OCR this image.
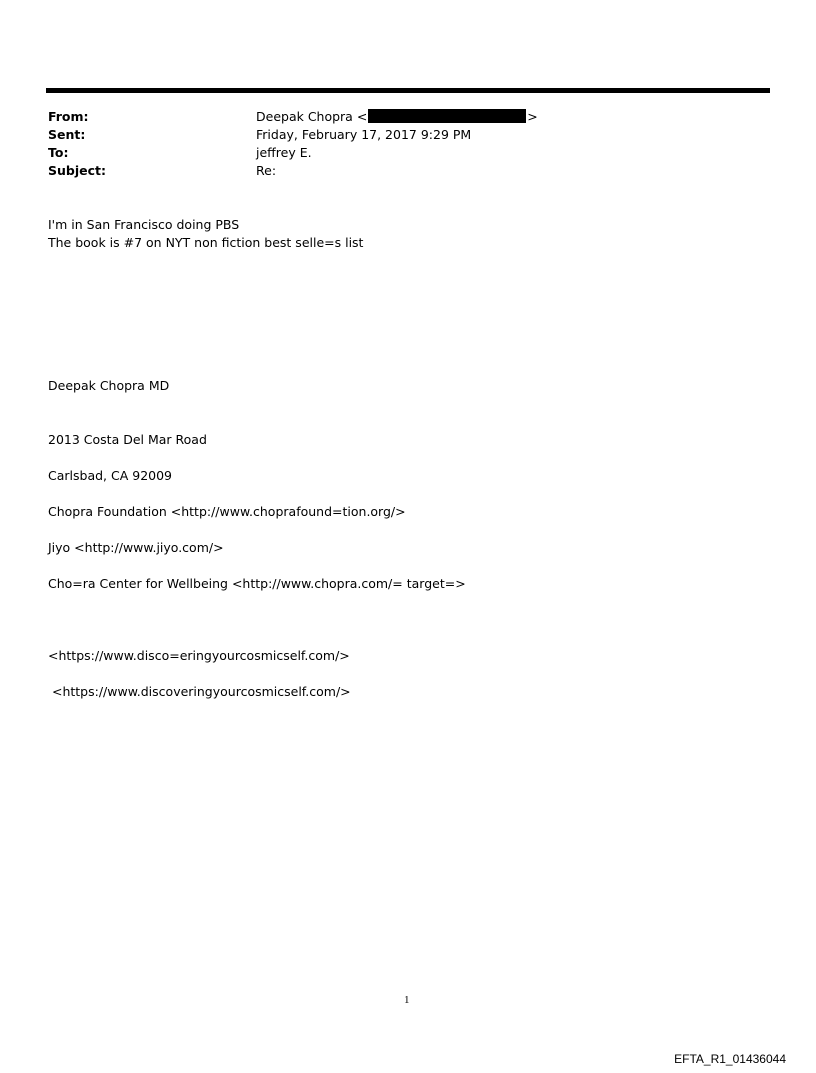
From:	Deepak Chopra <	>
Sent:	Friday, February 17, 2017 9:29 PM
To:	jeffrey E.
Subject:	Re:
I'm in San Francisco doing PBS
The book is #7 on NYT non fiction best selle=s list
Deepak Chopra MD
2013 Costa Del Mar Road
Carlsbad, CA 92009
Chopra Foundation <http://www.choprafound=tion.org/>
Jiyo <http://www.jiyo.com/>
Cho=ra Center for Wellbeing <http://www.chopra.com/= target=>
<https://www.disco=eringyourcosmicself.com/>
<https://www.discoveringyourcosmicself.com/>
1
EFTA_R1_01436044
